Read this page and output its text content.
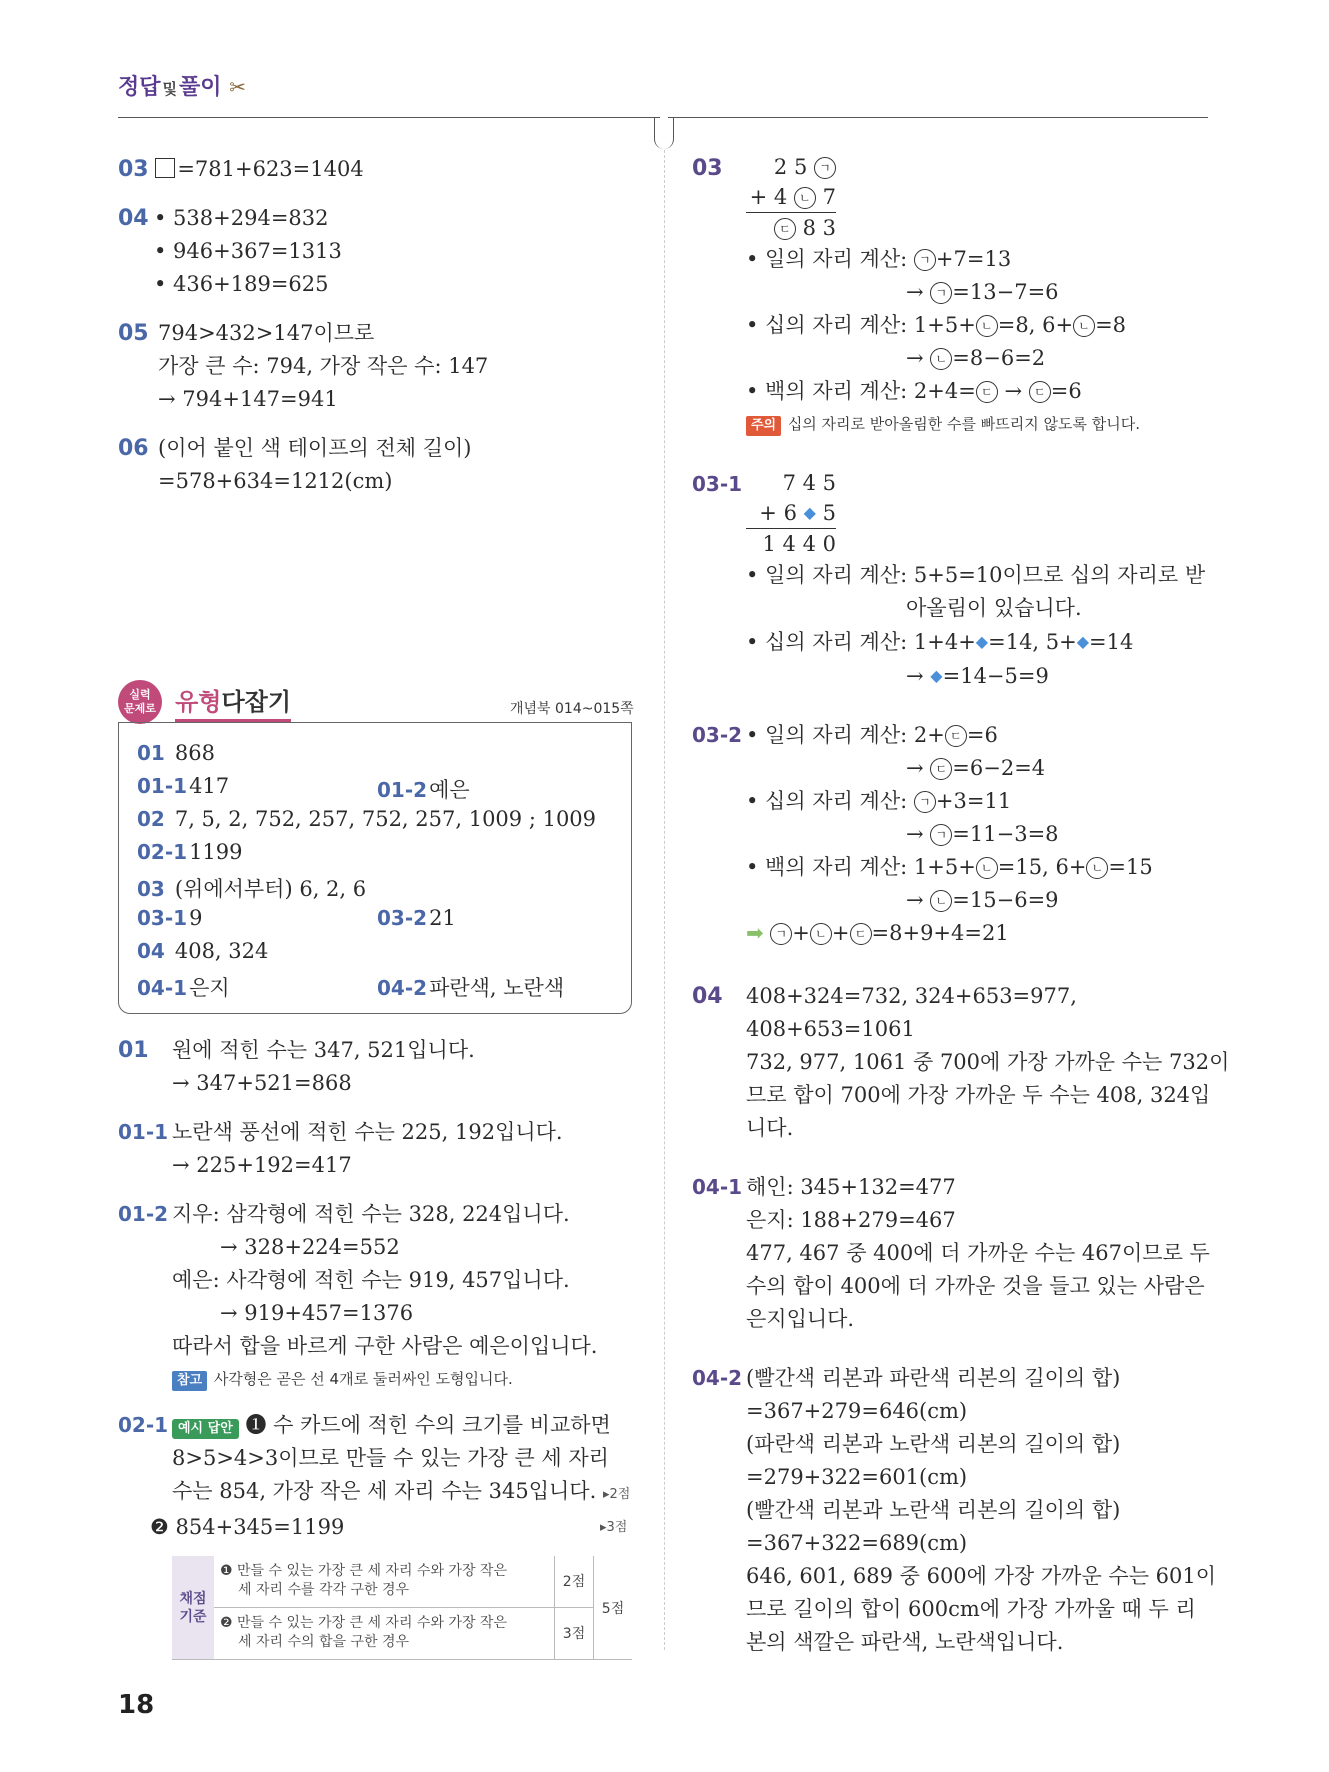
정답 및풀이 ✂
03 =781+623=1404
04 • 538+294=832
• 946+367=1313
• 436+189=625
05 794>432>147이므로
가장 큰 수: 794, 가장 작은 수: 147
→ 794+147=941
06 (이어 붙인 색 테이프의 전체 길이)
=578+634=1212(cm)
실력
문제로 유형다잡기	개념북 014~015쪽
01 868
01-1417	01-2예은
02 7, 5, 2, 752, 257, 752, 257, 1009 ; 1009
02-11199
03 (위에서부터) 6, 2, 6
03-19	03-221
04 408, 324
04-1은지	04-2파란색, 노란색
01 원에 적힌 수는 347, 521입니다.
→ 347+521=868
01-1 노란색 풍선에 적힌 수는 225, 192입니다.
→ 225+192=417
01-2 지우: 삼각형에 적힌 수는 328, 224입니다.
→ 328+224=552
예은: 사각형에 적힌 수는 919, 457입니다.
→ 919+457=1376
따라서 합을 바르게 구한 사람은 예은이입니다.
참고 사각형은 곧은 선 4개로 둘러싸인 도형입니다.
02-1 예시 답안 ❶ 수 카드에 적힌 수의 크기를 비교하면
8>5>4>3이므로 만들 수 있는 가장 큰 세 자리
수는 854, 가장 작은 세 자리 수는 345입니다. ▸2점
❷ 854+345=1199	▸3점
채점
기준	❶ 만들 수 있는 가장 큰 세 자리 수와 가장 작은
세 자리 수를 각각 구한 경우	2점	5점
	❷ 만들 수 있는 가장 큰 세 자리 수와 가장 작은
세 자리 수의 합을 구한 경우	3점	
03	2 5 ㄱ
+ 4 ㄴ 7
ㄷ 8 3
• 일의 자리 계산: ㄱ +7=13
→ ㄱ =13−7=6
• 십의 자리 계산: 1+5+ ㄴ =8, 6+ ㄴ =8
→ ㄴ =8−6=2
• 백의 자리 계산: 2+4= ㄷ → ㄷ =6
주의 십의 자리로 받아올림한 수를 빠뜨리지 않도록 합니다.
03-1	7 4 5
+ 6 ◆ 5
1 4 4 0
• 일의 자리 계산: 5+5=10이므로 십의 자리로 받
아올림이 있습니다.
• 십의 자리 계산: 1+4+◆=14, 5+◆=14
→ ◆=14−5=9
03-2 • 일의 자리 계산: 2+ ㄷ =6
→ ㄷ =6−2=4
• 십의 자리 계산: ㄱ +3=11
→ ㄱ =11−3=8
• 백의 자리 계산: 1+5+ ㄴ =15, 6+ ㄴ =15
→ ㄴ =15−6=9
➡ ㄱ + ㄴ + ㄷ =8+9+4=21
04 408+324=732, 324+653=977,
408+653=1061
732, 977, 1061 중 700에 가장 가까운 수는 732이
므로 합이 700에 가장 가까운 두 수는 408, 324입
니다.
04-1 해인: 345+132=477
은지: 188+279=467
477, 467 중 400에 더 가까운 수는 467이므로 두
수의 합이 400에 더 가까운 것을 들고 있는 사람은
은지입니다.
04-2 (빨간색 리본과 파란색 리본의 길이의 합)
=367+279=646(cm)
(파란색 리본과 노란색 리본의 길이의 합)
=279+322=601(cm)
(빨간색 리본과 노란색 리본의 길이의 합)
=367+322=689(cm)
646, 601, 689 중 600에 가장 가까운 수는 601이
므로 길이의 합이 600cm에 가장 가까울 때 두 리
본의 색깔은 파란색, 노란색입니다.
18
